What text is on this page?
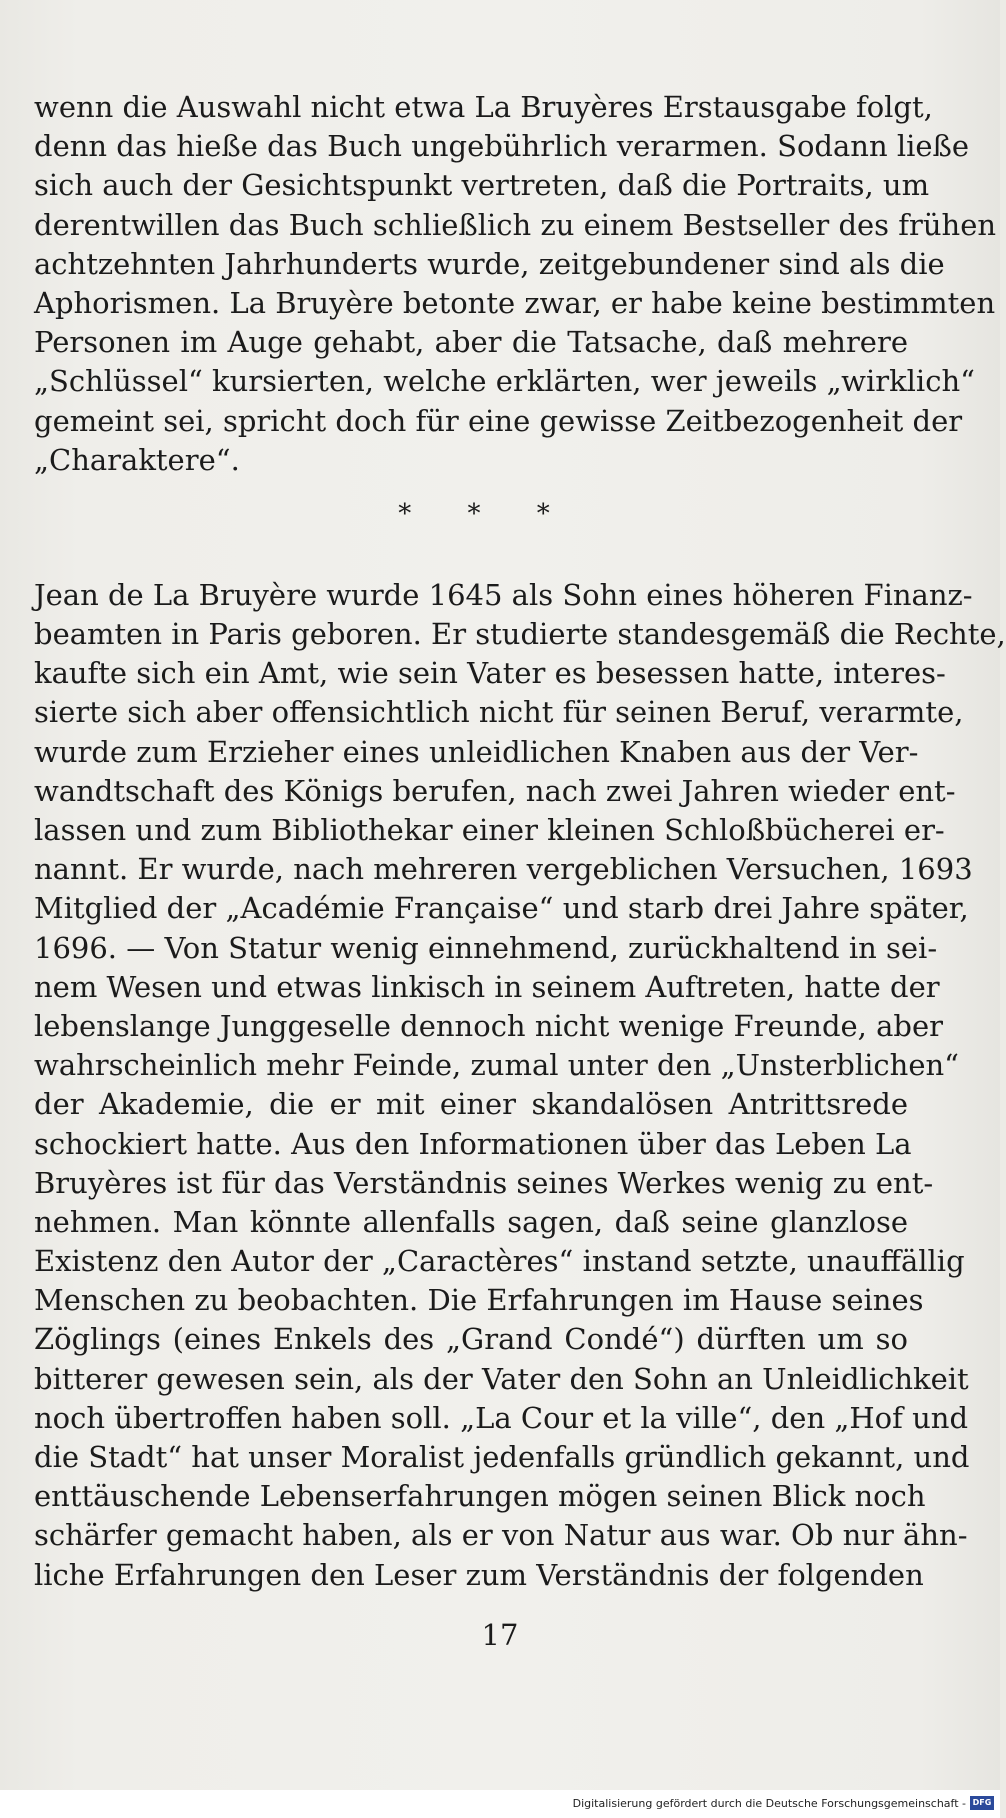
wenn die Auswahl nicht etwa La Bruyères Erstausgabe folgt,
denn das hieße das Buch ungebührlich verarmen. Sodann ließe
sich auch der Gesichtspunkt vertreten, daß die Portraits, um
derentwillen das Buch schließlich zu einem Bestseller des frühen
achtzehnten Jahrhunderts wurde, zeitgebundener sind als die
Aphorismen. La Bruyère betonte zwar, er habe keine bestimmten
Personen im Auge gehabt, aber die Tatsache, daß mehrere
„Schlüssel“ kursierten, welche erklärten, wer jeweils „wirklich“
gemeint sei, spricht doch für eine gewisse Zeitbezogenheit der
„Charaktere“.

* * *

Jean de La Bruyère wurde 1645 als Sohn eines höheren Finanz-
beamten in Paris geboren. Er studierte standesgemäß die Rechte,
kaufte sich ein Amt, wie sein Vater es besessen hatte, interes-
sierte sich aber offensichtlich nicht für seinen Beruf, verarmte,
wurde zum Erzieher eines unleidlichen Knaben aus der Ver-
wandtschaft des Königs berufen, nach zwei Jahren wieder ent-
lassen und zum Bibliothekar einer kleinen Schloßbücherei er-
nannt. Er wurde, nach mehreren vergeblichen Versuchen, 1693
Mitglied der „Académie Française“ und starb drei Jahre später,
1696. — Von Statur wenig einnehmend, zurückhaltend in sei-
nem Wesen und etwas linkisch in seinem Auftreten, hatte der
lebenslange Junggeselle dennoch nicht wenige Freunde, aber
wahrscheinlich mehr Feinde, zumal unter den „Unsterblichen“
der Akademie, die er mit einer skandalösen Antrittsrede
schockiert hatte. Aus den Informationen über das Leben La
Bruyères ist für das Verständnis seines Werkes wenig zu ent-
nehmen. Man könnte allenfalls sagen, daß seine glanzlose
Existenz den Autor der „Caractères“ instand setzte, unauffällig
Menschen zu beobachten. Die Erfahrungen im Hause seines
Zöglings (eines Enkels des „Grand Condé“) dürften um so
bitterer gewesen sein, als der Vater den Sohn an Unleidlichkeit
noch übertroffen haben soll. „La Cour et la ville“, den „Hof und
die Stadt“ hat unser Moralist jedenfalls gründlich gekannt, und
enttäuschende Lebenserfahrungen mögen seinen Blick noch
schärfer gemacht haben, als er von Natur aus war. Ob nur ähn-
liche Erfahrungen den Leser zum Verständnis der folgenden

17
Digitalisierung gefördert durch die Deutsche Forschungsgemeinschaft - DFG
